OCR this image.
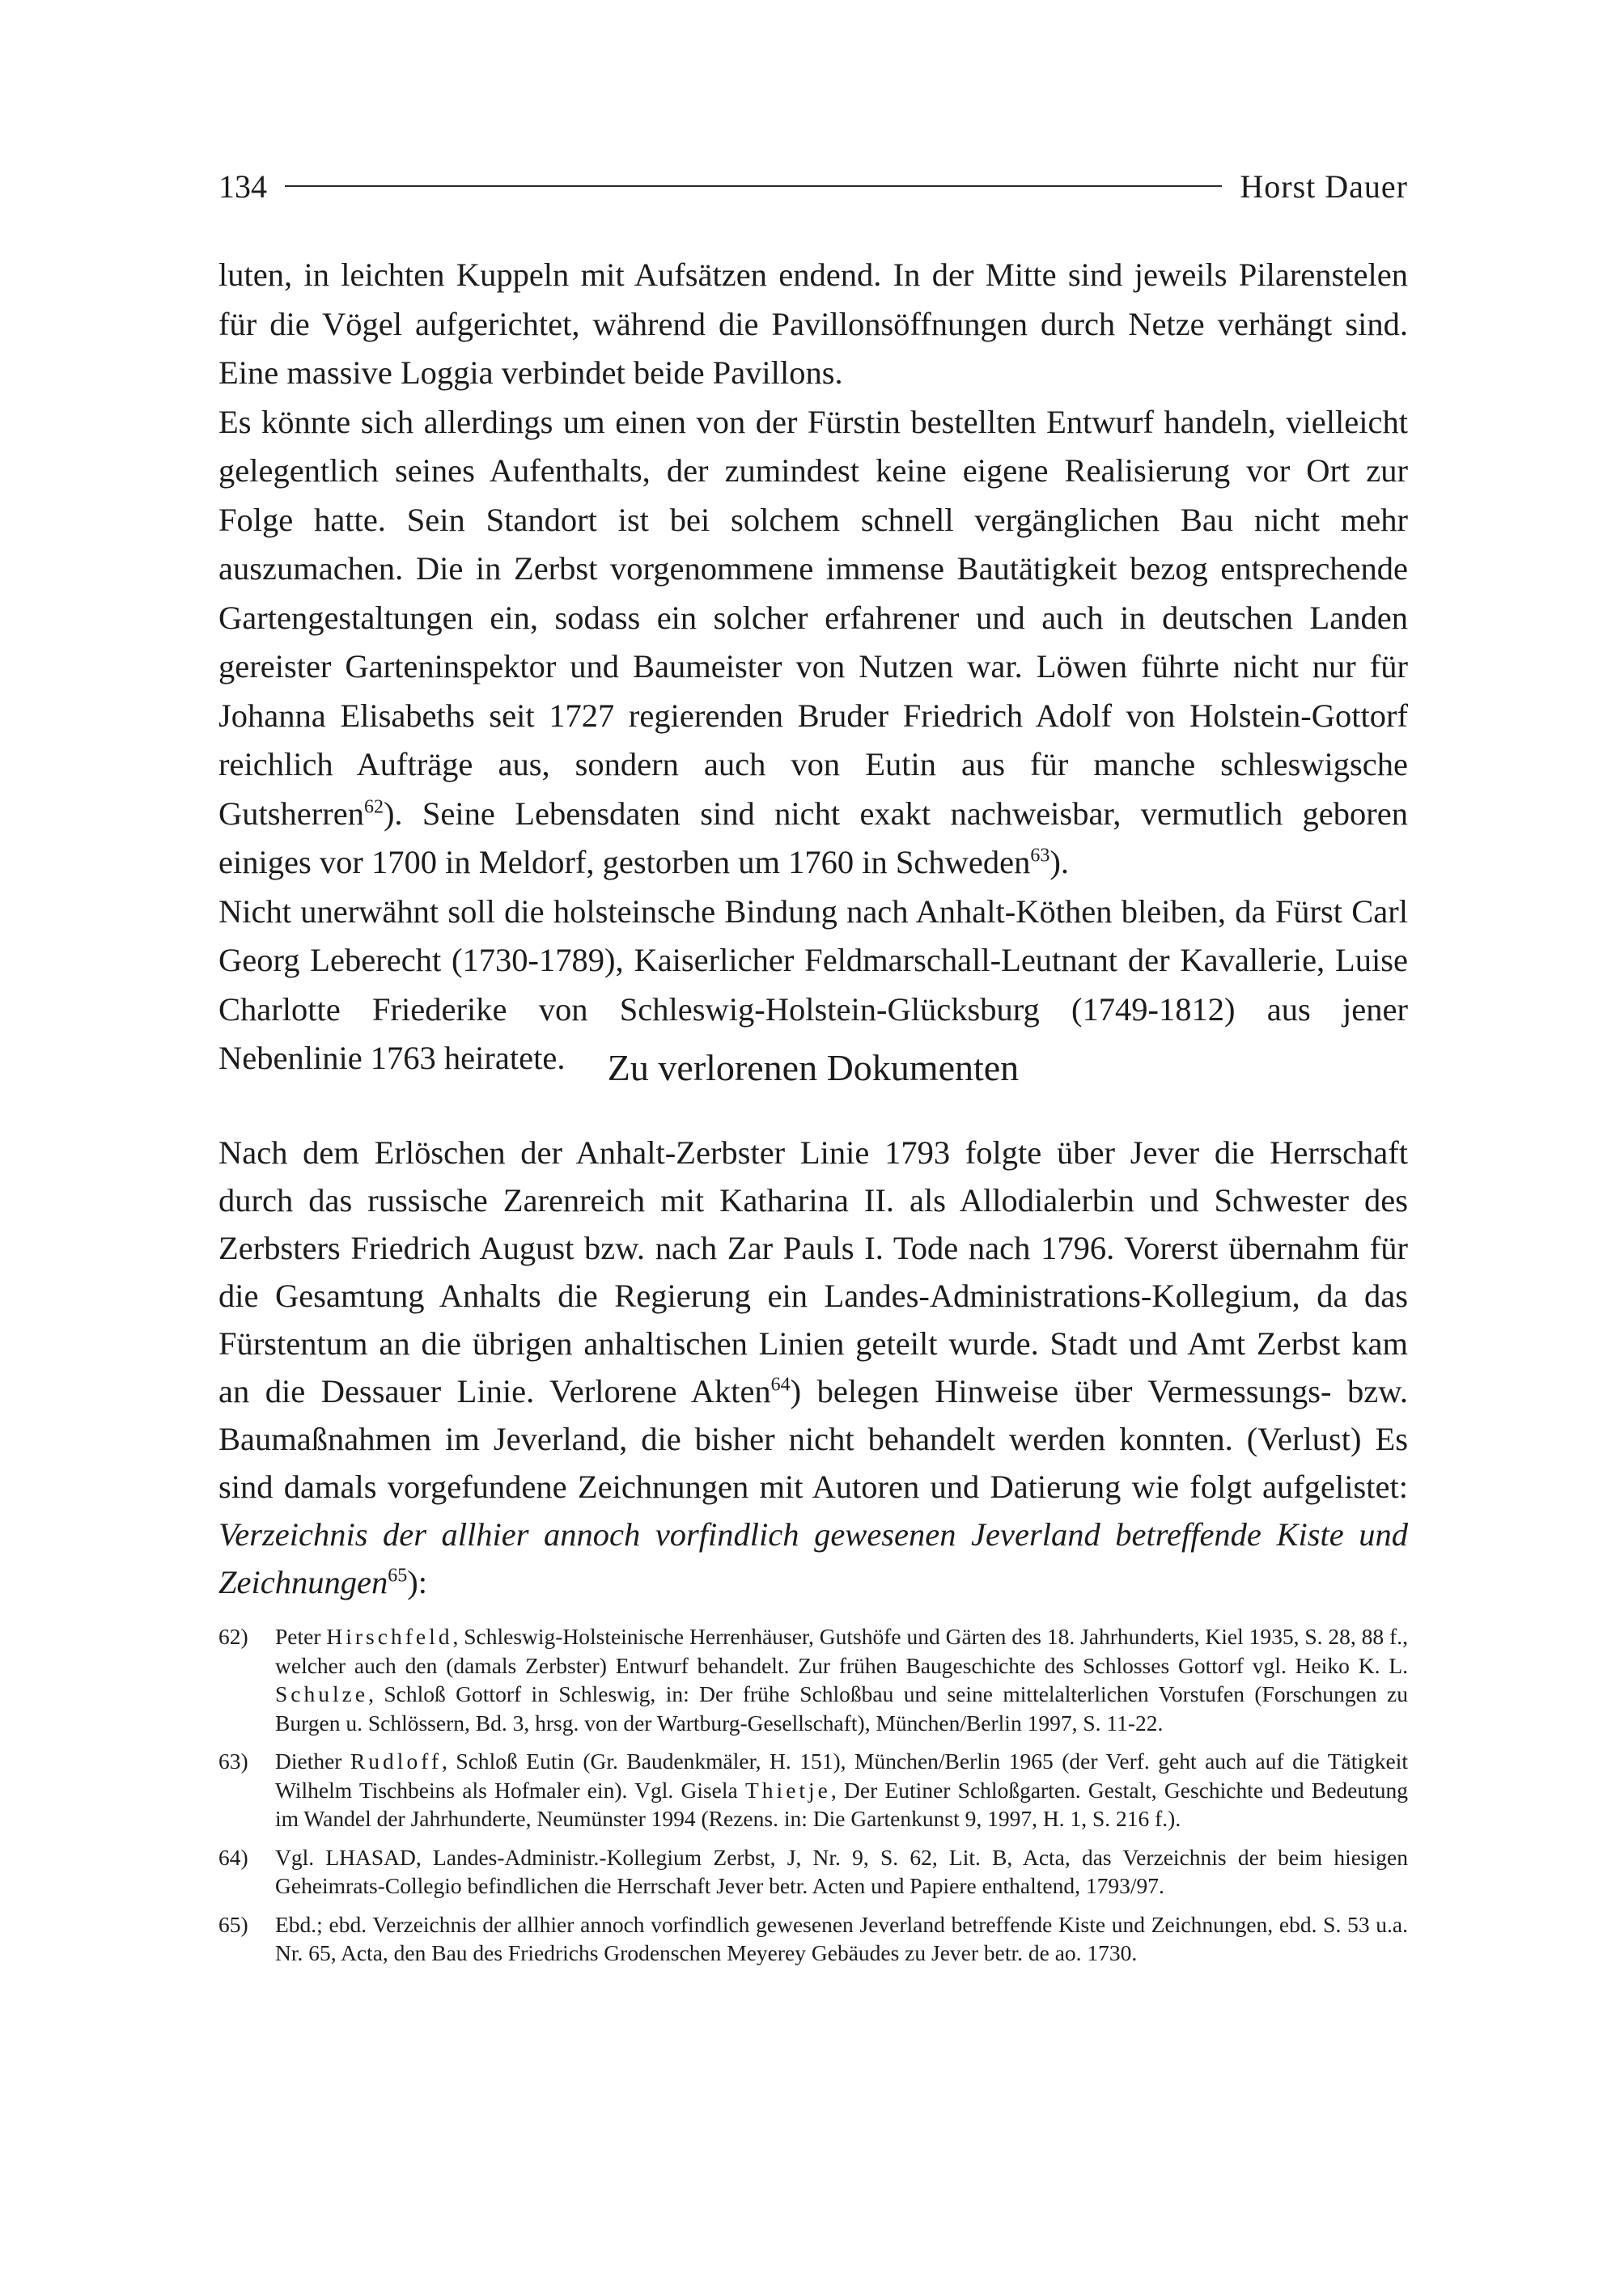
134	Horst Dauer

luten, in leichten Kuppeln mit Aufsätzen endend. In der Mitte sind jeweils Pilarenstelen für die Vögel aufgerichtet, während die Pavillonsöffnungen durch Netze verhängt sind. Eine massive Loggia verbindet beide Pavillons.

Es könnte sich allerdings um einen von der Fürstin bestellten Entwurf handeln, vielleicht gelegentlich seines Aufenthalts, der zumindest keine eigene Realisierung vor Ort zur Folge hatte. Sein Standort ist bei solchem schnell vergänglichen Bau nicht mehr auszumachen. Die in Zerbst vorgenommene immense Bautätigkeit bezog entsprechende Gartengestaltungen ein, sodass ein solcher erfahrener und auch in deutschen Landen gereister Garteninspektor und Baumeister von Nutzen war. Löwen führte nicht nur für Johanna Elisabeths seit 1727 regierenden Bruder Friedrich Adolf von Holstein-Gottorf reichlich Aufträge aus, sondern auch von Eutin aus für manche schleswigsche Gutsherren$^{62}$). Seine Lebensdaten sind nicht exakt nachweisbar, vermutlich geboren einiges vor 1700 in Meldorf, gestorben um 1760 in Schweden$^{63}$).

Nicht unerwähnt soll die holsteinsche Bindung nach Anhalt-Köthen bleiben, da Fürst Carl Georg Leberecht (1730-1789), Kaiserlicher Feldmarschall-Leutnant der Kavallerie, Luise Charlotte Friederike von Schleswig-Holstein-Glücksburg (1749-1812) aus jener Nebenlinie 1763 heiratete.	Zu verlorenen Dokumenten

Nach dem Erlöschen der Anhalt-Zerbster Linie 1793 folgte über Jever die Herrschaft durch das russische Zarenreich mit Katharina II. als Allodialerbin und Schwester des Zerbsters Friedrich August bzw. nach Zar Pauls I. Tode nach 1796. Vorerst übernahm für die Gesamtung Anhalts die Regierung ein Landes-Administrations-Kollegium, da das Fürstentum an die übrigen anhaltischen Linien geteilt wurde. Stadt und Amt Zerbst kam an die Dessauer Linie. Verlorene Akten$^{64}$) belegen Hinweise über Vermessungs- bzw. Baumaßnahmen im Jeverland, die bisher nicht behandelt werden konnten. (Verlust) Es sind damals vorgefundene Zeichnungen mit Autoren und Datierung wie folgt aufgelistet: Verzeichnis der allhier annoch vorfindlich gewesenen Jeverland betreffende Kiste und Zeichnungen$^{65}$):

62)	Peter Hirschfeld, Schleswig-Holsteinische Herrenhäuser, Gutshöfe und Gärten des 18. Jahrhunderts, Kiel 1935, S. 28, 88 f., welcher auch den (damals Zerbster) Entwurf behandelt. Zur frühen Baugeschichte des Schlosses Gottorf vgl. Heiko K. L. Schulze, Schloß Gottorf in Schleswig, in: Der frühe Schloßbau und seine mittelalterlichen Vorstufen (Forschungen zu Burgen u. Schlössern, Bd. 3, hrsg. von der Wartburg-Gesellschaft), München/Berlin 1997, S. 11-22.
63)	Diether Rudloff, Schloß Eutin (Gr. Baudenkmäler, H. 151), München/Berlin 1965 (der Verf. geht auch auf die Tätigkeit Wilhelm Tischbeins als Hofmaler ein). Vgl. Gisela Thietje, Der Eutiner Schloßgarten. Gestalt, Geschichte und Bedeutung im Wandel der Jahrhunderte, Neumünster 1994 (Rezens. in: Die Gartenkunst 9, 1997, H. 1, S. 216 f.).
64)	Vgl. LHASAD, Landes-Administr.-Kollegium Zerbst, J, Nr. 9, S. 62, Lit. B, Acta, das Verzeichnis der beim hiesigen Geheimrats-Collegio befindlichen die Herrschaft Jever betr. Acten und Papiere enthaltend, 1793/97.
65)	Ebd.; ebd. Verzeichnis der allhier annoch vorfindlich gewesenen Jeverland betreffende Kiste und Zeichnungen, ebd. S. 53 u.a. Nr. 65, Acta, den Bau des Friedrichs Grodenschen Meyerey Gebäudes zu Jever betr. de ao. 1730.
